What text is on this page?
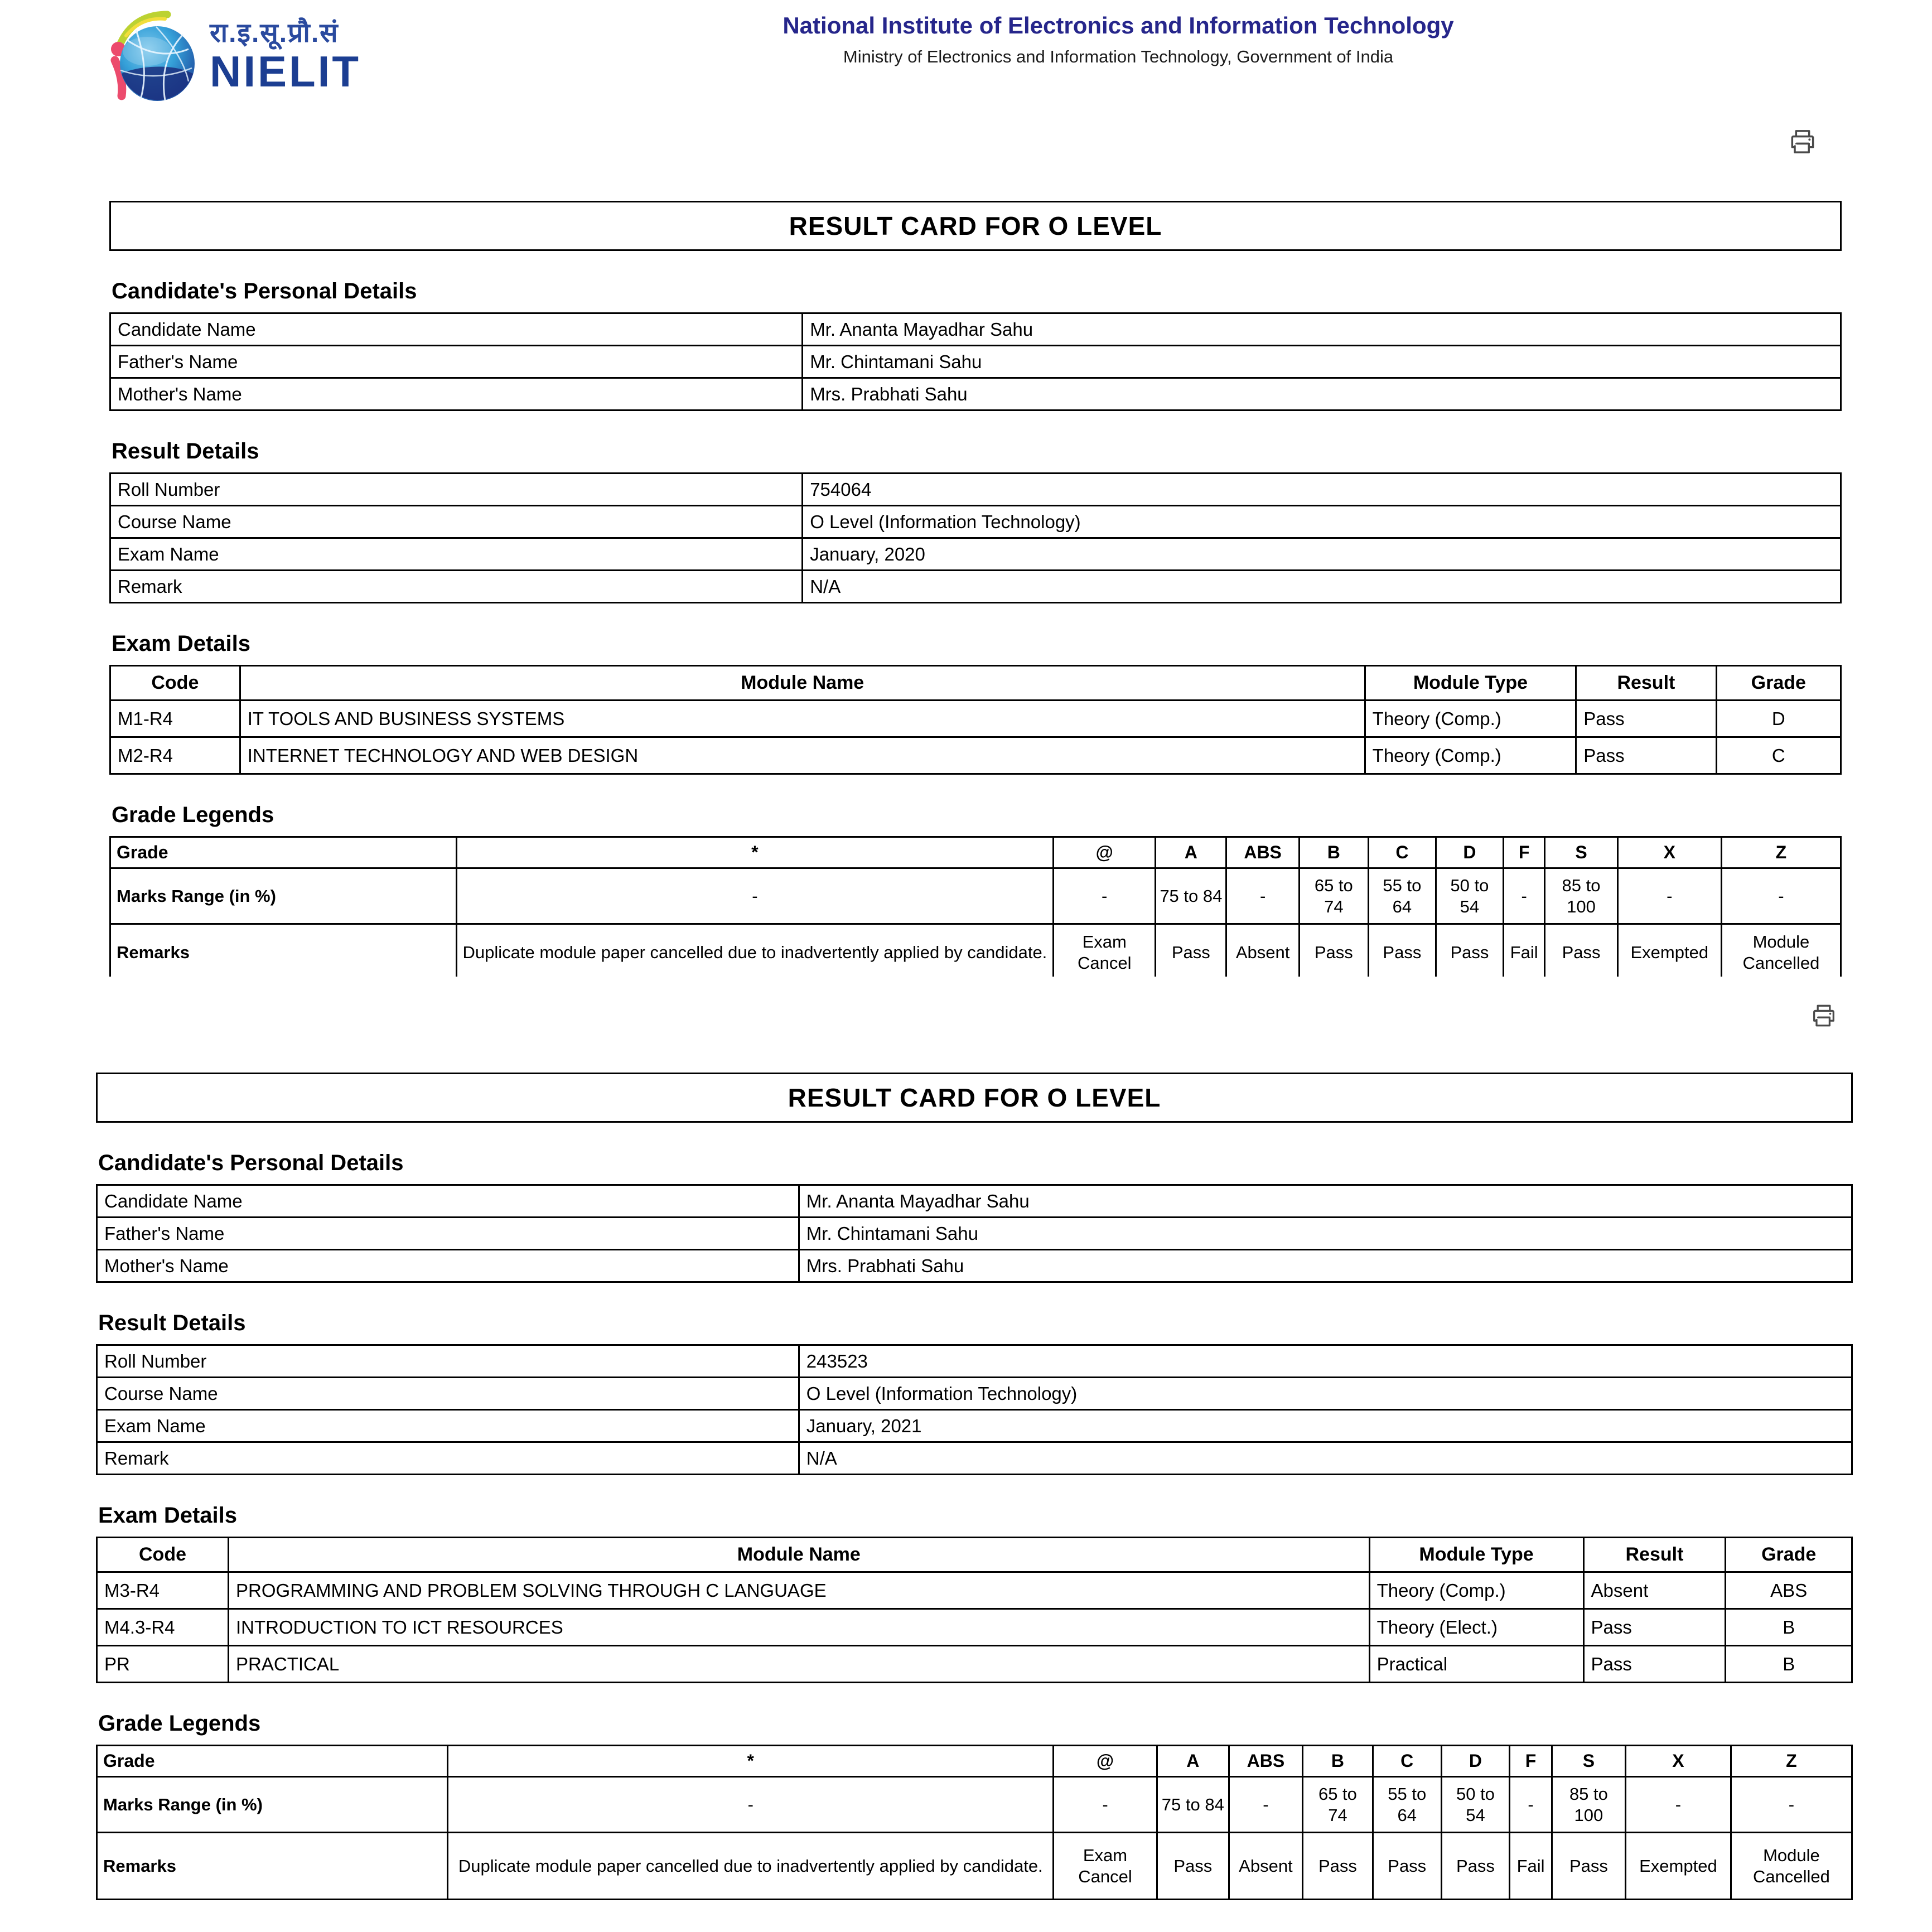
रा.इ.सू.प्रौ.सं
NIELIT
National Institute of Electronics and Information Technology
Ministry of Electronics and Information Technology, Government of India
RESULT CARD FOR O LEVEL
Candidate's Personal Details
Candidate Name	Mr. Ananta Mayadhar Sahu
Father's Name	Mr. Chintamani Sahu
Mother's Name	Mrs. Prabhati Sahu
Result Details
Roll Number	754064
Course Name	O Level (Information Technology)
Exam Name	January, 2020
Remark	N/A
Exam Details
Code	Module Name	Module Type	Result	Grade
M1-R4	IT TOOLS AND BUSINESS SYSTEMS	Theory (Comp.)	Pass	D
M2-R4	INTERNET TECHNOLOGY AND WEB DESIGN	Theory (Comp.)	Pass	C
Grade Legends
Grade	*	@	A	ABS	B	C	D	F	S	X	Z
Marks Range (in %)	-	-	75 to 84	-	65 to 74	55 to 64	50 to 54	-	85 to 100	-	-
Remarks	Duplicate module paper cancelled due to inadvertently applied by candidate.	Exam Cancel	Pass	Absent	Pass	Pass	Pass	Fail	Pass	Exempted	Module Cancelled
RESULT CARD FOR O LEVEL
Candidate's Personal Details
Candidate Name	Mr. Ananta Mayadhar Sahu
Father's Name	Mr. Chintamani Sahu
Mother's Name	Mrs. Prabhati Sahu
Result Details
Roll Number	243523
Course Name	O Level (Information Technology)
Exam Name	January, 2021
Remark	N/A
Exam Details
Code	Module Name	Module Type	Result	Grade
M3-R4	PROGRAMMING AND PROBLEM SOLVING THROUGH C LANGUAGE	Theory (Comp.)	Absent	ABS
M4.3-R4	INTRODUCTION TO ICT RESOURCES	Theory (Elect.)	Pass	B
PR	PRACTICAL	Practical	Pass	B
Grade Legends
Grade	*	@	A	ABS	B	C	D	F	S	X	Z
Marks Range (in %)	-	-	75 to 84	-	65 to 74	55 to 64	50 to 54	-	85 to 100	-	-
Remarks	Duplicate module paper cancelled due to inadvertently applied by candidate.	Exam Cancel	Pass	Absent	Pass	Pass	Pass	Fail	Pass	Exempted	Module Cancelled
